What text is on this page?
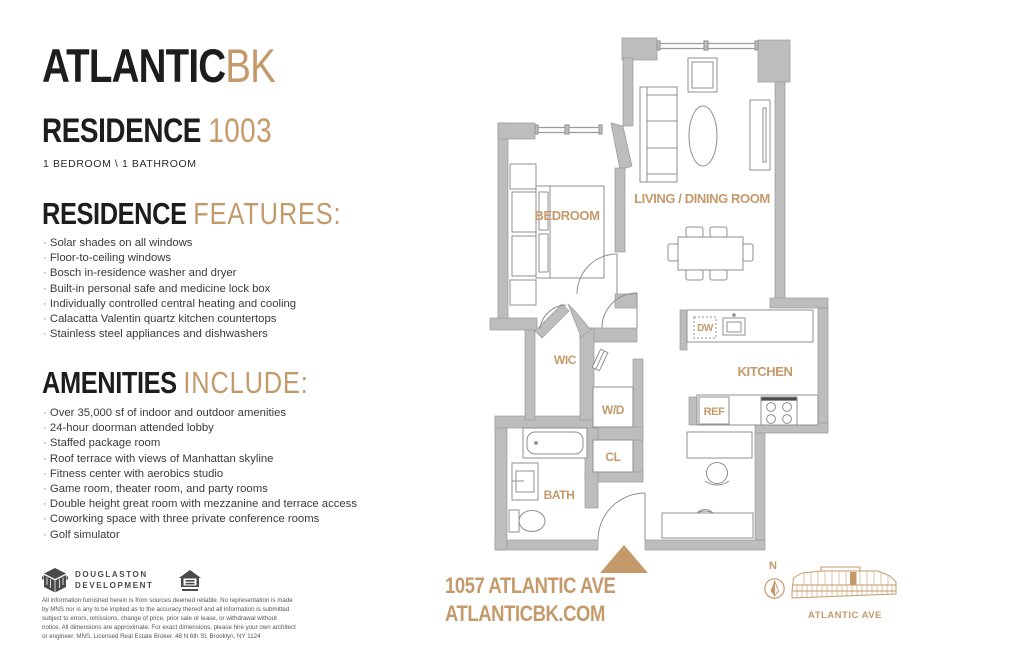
ATLANTICBK
RESIDENCE 1003
1 BEDROOM \ 1 BATHROOM
RESIDENCE FEATURES:
· Solar shades on all windows
· Floor-to-ceiling windows
· Bosch in-residence washer and dryer
· Built-in personal safe and medicine lock box
· Individually controlled central heating and cooling
· Calacatta Valentin quartz kitchen countertops
· Stainless steel appliances and dishwashers
AMENITIES INCLUDE:
· Over 35,000 sf of indoor and outdoor amenities
· 24-hour doorman attended lobby
· Staffed package room
· Roof terrace with views of Manhattan skyline
· Fitness center with aerobics studio
· Game room, theater room, and party rooms
· Double height great room with mezzanine and terrace access
· Coworking space with three private conference rooms
· Golf simulator
BEDROOM
LIVING / DINING ROOM
WIC
W/D
CL
BATH
KITCHEN
DW
REF
1057 ATLANTIC AVE
ATLANTICBK.COM
N
ATLANTIC AVE
DOUGLASTON
DEVELOPMENT
All information furnished herein is from sources deemed reliable. No representation is made by MNS nor is any to be implied as to the accuracy thereof and all information is submitted subject to errors, omissions, change of price, prior sale or lease, or withdrawal without notice. All dimensions are approximate. For exact dimensions, please hire your own architect or engineer. MNS, Licensed Real Estate Broker. 48 N 6th St, Brooklyn, NY 1124
